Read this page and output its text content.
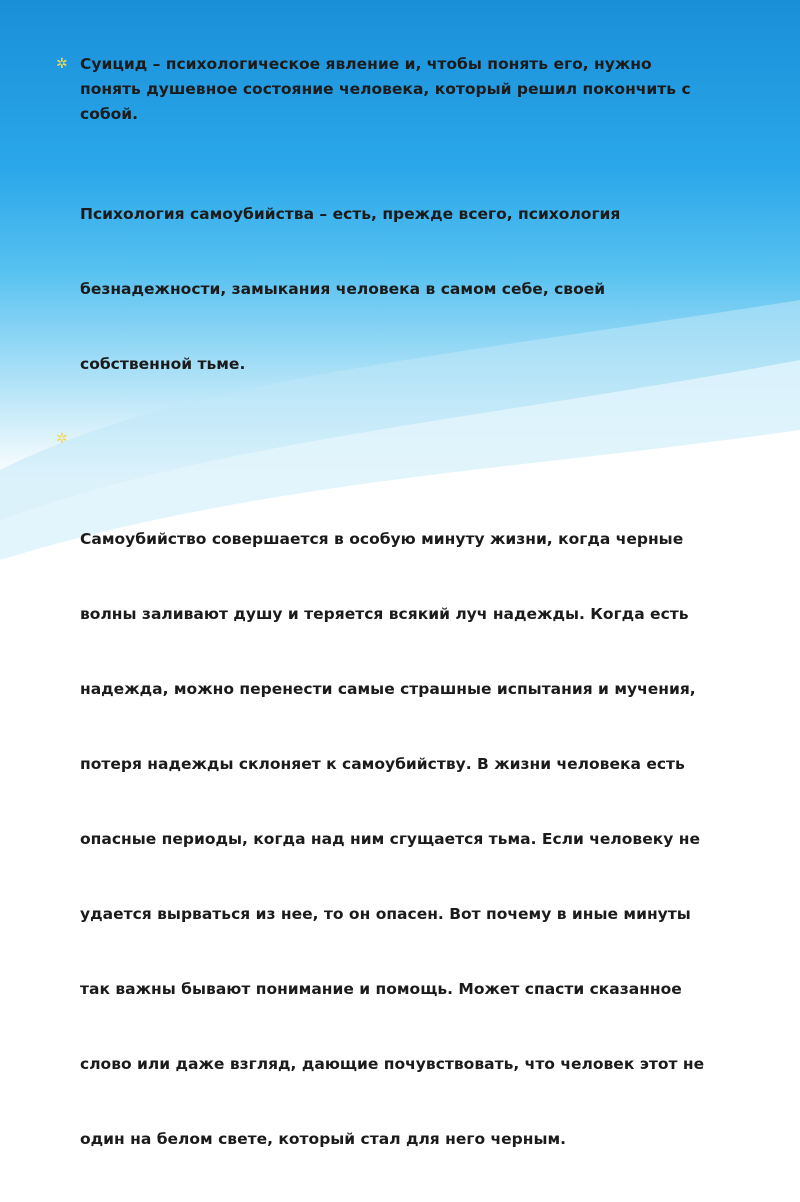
✲ Суицид – психологическое явление и, чтобы понять его, нужно
понять душевное состояние человека, который решил покончить с
собой.

Психология самоубийства – есть, прежде всего, психология

безнадежности, замыкания человека в самом себе, своей

собственной тьме.

✲

Самоубийство совершается в особую минуту жизни, когда черные

волны заливают душу и теряется всякий луч надежды. Когда есть

надежда, можно перенести самые страшные испытания и мучения,

потеря надежды склоняет к самоубийству. В жизни человека есть

опасные периоды, когда над ним сгущается тьма. Если человеку не

удается вырваться из нее, то он опасен. Вот почему в иные минуты

так важны бывают понимание и помощь. Может спасти сказанное

слово или даже взгляд, дающие почувствовать, что человек этот не

один на белом свете, который стал для него черным.
